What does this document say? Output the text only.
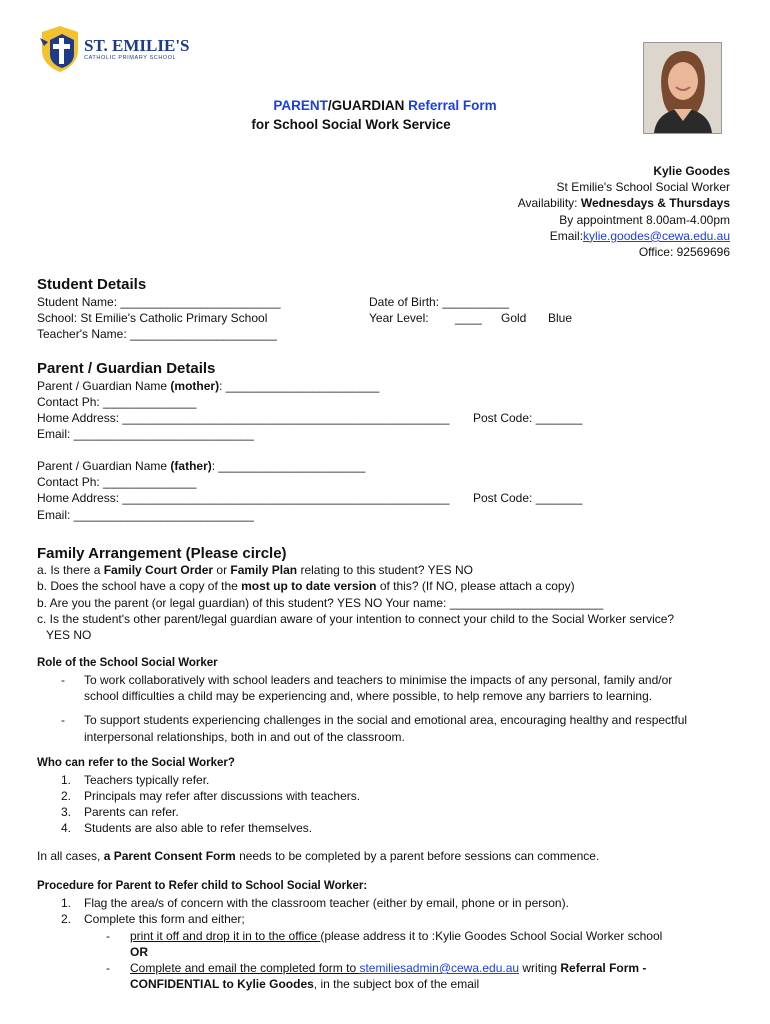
ST. EMILIE'S
CATHOLIC PRIMARY SCHOOL
PARENT/GUARDIAN Referral Form
for School Social Work Service
Kylie Goodes
St Emilie's School Social Worker
Availability: Wednesdays & Thursdays
By appointment 8.00am-4.00pm
Email:kylie.goodes@cewa.edu.au
Office: 92569696
Student Details
Student Name: ________________________
School: St Emilie's Catholic Primary School
Teacher's Name: ______________________
Date of Birth: __________
Year Level: ____ Gold Blue
Parent / Guardian Details
Parent / Guardian Name (mother): _______________________
Contact Ph: ______________
Home Address: _________________________________________________ Post Code: _______
Email: ___________________________
Parent / Guardian Name (father): ______________________
Contact Ph: ______________
Home Address: _________________________________________________ Post Code: _______
Email: ___________________________
Family Arrangement (Please circle)
a. Is there a Family Court Order or Family Plan relating to this student? YES NO
b. Does the school have a copy of the most up to date version of this? (If NO, please attach a copy)
b. Are you the parent (or legal guardian) of this student? YES NO Your name: _______________________
c. Is the student's other parent/legal guardian aware of your intention to connect your child to the Social Worker service?
YES NO
Role of the School Social Worker
- To work collaboratively with school leaders and teachers to minimise the impacts of any personal, family and/or
school difficulties a child may be experiencing and, where possible, to help remove any barriers to learning.
- To support students experiencing challenges in the social and emotional area, encouraging healthy and respectful
interpersonal relationships, both in and out of the classroom.
Who can refer to the Social Worker?
1. Teachers typically refer.
2. Principals may refer after discussions with teachers.
3. Parents can refer.
4. Students are also able to refer themselves.
In all cases, a Parent Consent Form needs to be completed by a parent before sessions can commence.
Procedure for Parent to Refer child to School Social Worker:
1. Flag the area/s of concern with the classroom teacher (either by email, phone or in person).
2. Complete this form and either;
- print it off and drop it in to the office (please address it to :Kylie Goodes School Social Worker school
OR
- Complete and email the completed form to stemiliesadmin@cewa.edu.au writing Referral Form -
CONFIDENTIAL to Kylie Goodes, in the subject box of the email
